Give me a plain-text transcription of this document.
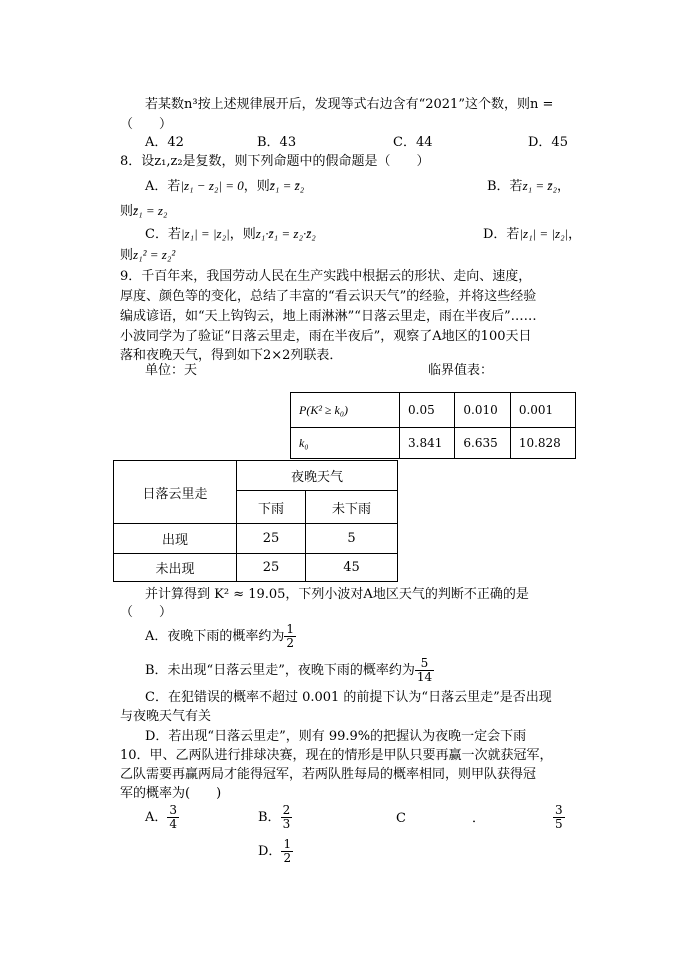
若某数n³按上述规律展开后，发现等式右边含有“2021”这个数，则n =
（　　）
A．42	B．43	C．44	D．45
8．设z₁,z₂是复数，则下列命题中的假命题是（　　）
A．若|z₁ − z₂| = 0，则z̄₁ = z̄₂	B．若z₁ = z̄₂，
则z̄₁ = z₂
C．若|z₁| = |z₂|，则z₁·z̄₁ = z₂·z̄₂	D．若|z₁| = |z₂|，
则z₁² = z₂²
9．千百年来，我国劳动人民在生产实践中根据云的形状、走向、速度，
厚度、颜色等的变化，总结了丰富的“看云识天气”的经验，并将这些经验
编成谚语，如“天上钩钩云，地上雨淋淋”“日落云里走，雨在半夜后”……
小波同学为了验证“日落云里走，雨在半夜后”，观察了A地区的100天日
落和夜晚天气，得到如下2×2列联表．
单位：天	临界值表：
P(K² ≥ k₀)	0.05	0.010	0.001
k₀	3.841	6.635	10.828
日落云里走	夜晚天气	
	下雨	未下雨
出现	25	5
未出现	25	45
并计算得到 K² ≈ 19.05，下列小波对A地区天气的判断不正确的是
（　　）
A．夜晚下雨的概率约为 $\frac{1}{2}$
B．未出现“日落云里走”，夜晚下雨的概率约为 $\frac{5}{14}$
C．在犯错误的概率不超过 0.001 的前提下认为“日落云里走”是否出现
与夜晚天气有关
D．若出现“日落云里走”，则有 99.9%的把握认为夜晚一定会下雨
10．甲、乙两队进行排球决赛，现在的情形是甲队只要再赢一次就获冠军，
乙队需要再赢两局才能得冠军，若两队胜每局的概率相同，则甲队获得冠
军的概率为(　　)
A． $\frac{3}{4}$	B． $\frac{2}{3}$	C	．	$\frac{3}{5}$
D． $\frac{1}{2}$
